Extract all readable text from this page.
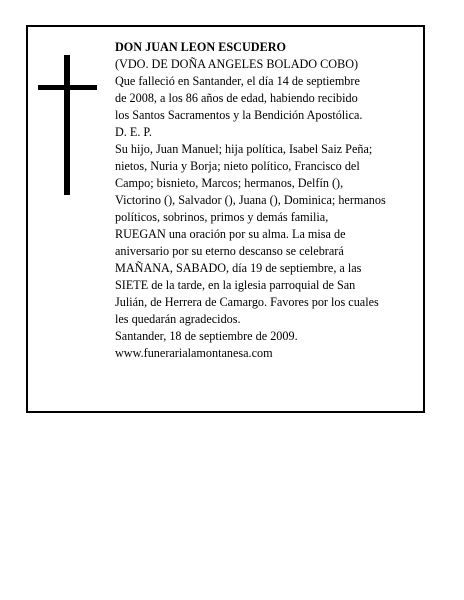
DON JUAN LEON ESCUDERO
(VDO. DE DOÑA ANGELES BOLADO COBO)
Que falleció en Santander, el día 14 de septiembre
de 2008, a los 86 años de edad, habiendo recibido
los Santos Sacramentos y la Bendición Apostólica.
D. E. P.
Su hijo, Juan Manuel; hija política, Isabel Saiz Peña;
nietos, Nuria y Borja; nieto político, Francisco del
Campo; bisnieto, Marcos; hermanos, Delfín (),
Victorino (), Salvador (), Juana (), Dominica; hermanos
políticos, sobrinos, primos y demás familia,
RUEGAN una oración por su alma. La misa de
aniversario por su eterno descanso se celebrará
MAÑANA, SABADO, día 19 de septiembre, a las
SIETE de la tarde, en la iglesia parroquial de San
Julián, de Herrera de Camargo. Favores por los cuales
les quedarán agradecidos.
Santander, 18 de septiembre de 2009.
www.funerarialamontanesa.com
